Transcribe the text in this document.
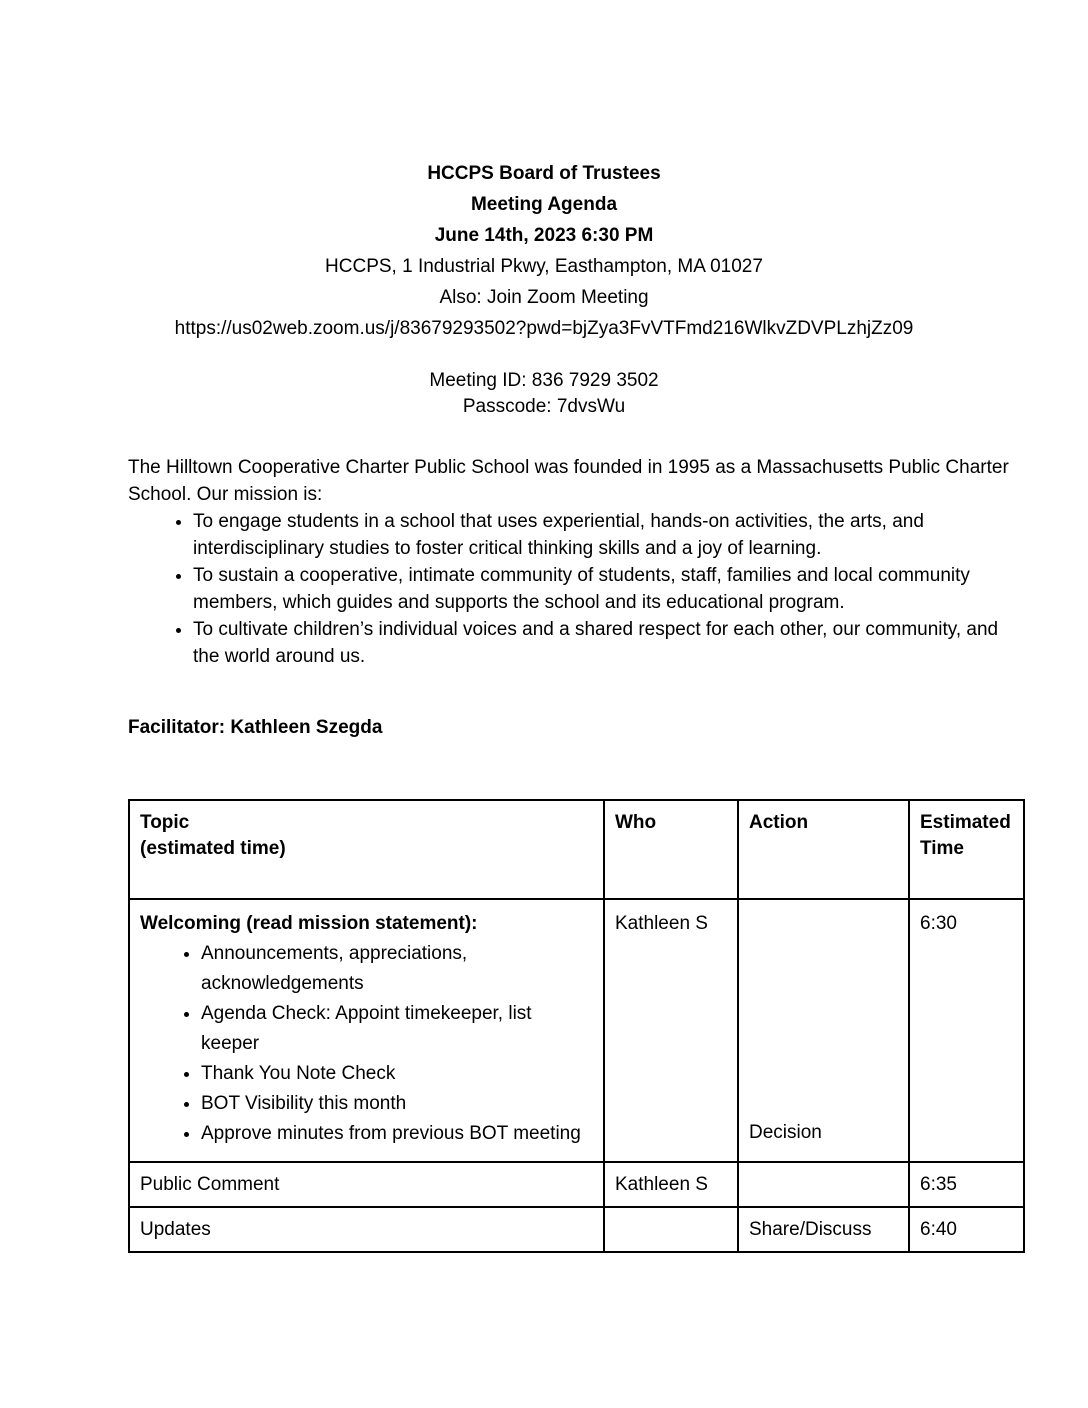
HCCPS Board of Trustees

Meeting Agenda

June 14th, 2023 6:30 PM

HCCPS, 1 Industrial Pkwy, Easthampton, MA 01027

Also: Join Zoom Meeting

https://us02web.zoom.us/j/83679293502?pwd=bjZya3FvVTFmd216WlkvZDVPLzhjZz09

Meeting ID: 836 7929 3502

Passcode: 7dvsWu

The Hilltown Cooperative Charter Public School was founded in 1995 as a Massachusetts Public Charter School. Our mission is:

• To engage students in a school that uses experiential, hands-on activities, the arts, and interdisciplinary studies to foster critical thinking skills and a joy of learning.
• To sustain a cooperative, intimate community of students, staff, families and local community members, which guides and supports the school and its educational program.
• To cultivate children’s individual voices and a shared respect for each other, our community, and the world around us.

Facilitator: Kathleen Szegda

Topic
(estimated time)	Who	Action	Estimated Time

Welcoming (read mission statement):
• Announcements, appreciations, acknowledgements
• Agenda Check: Appoint timekeeper, list keeper
• Thank You Note Check
• BOT Visibility this month
• Approve minutes from previous BOT meeting
	Kathleen S	Decision	6:30
Public Comment	Kathleen S		6:35
Updates		Share/Discuss	6:40
